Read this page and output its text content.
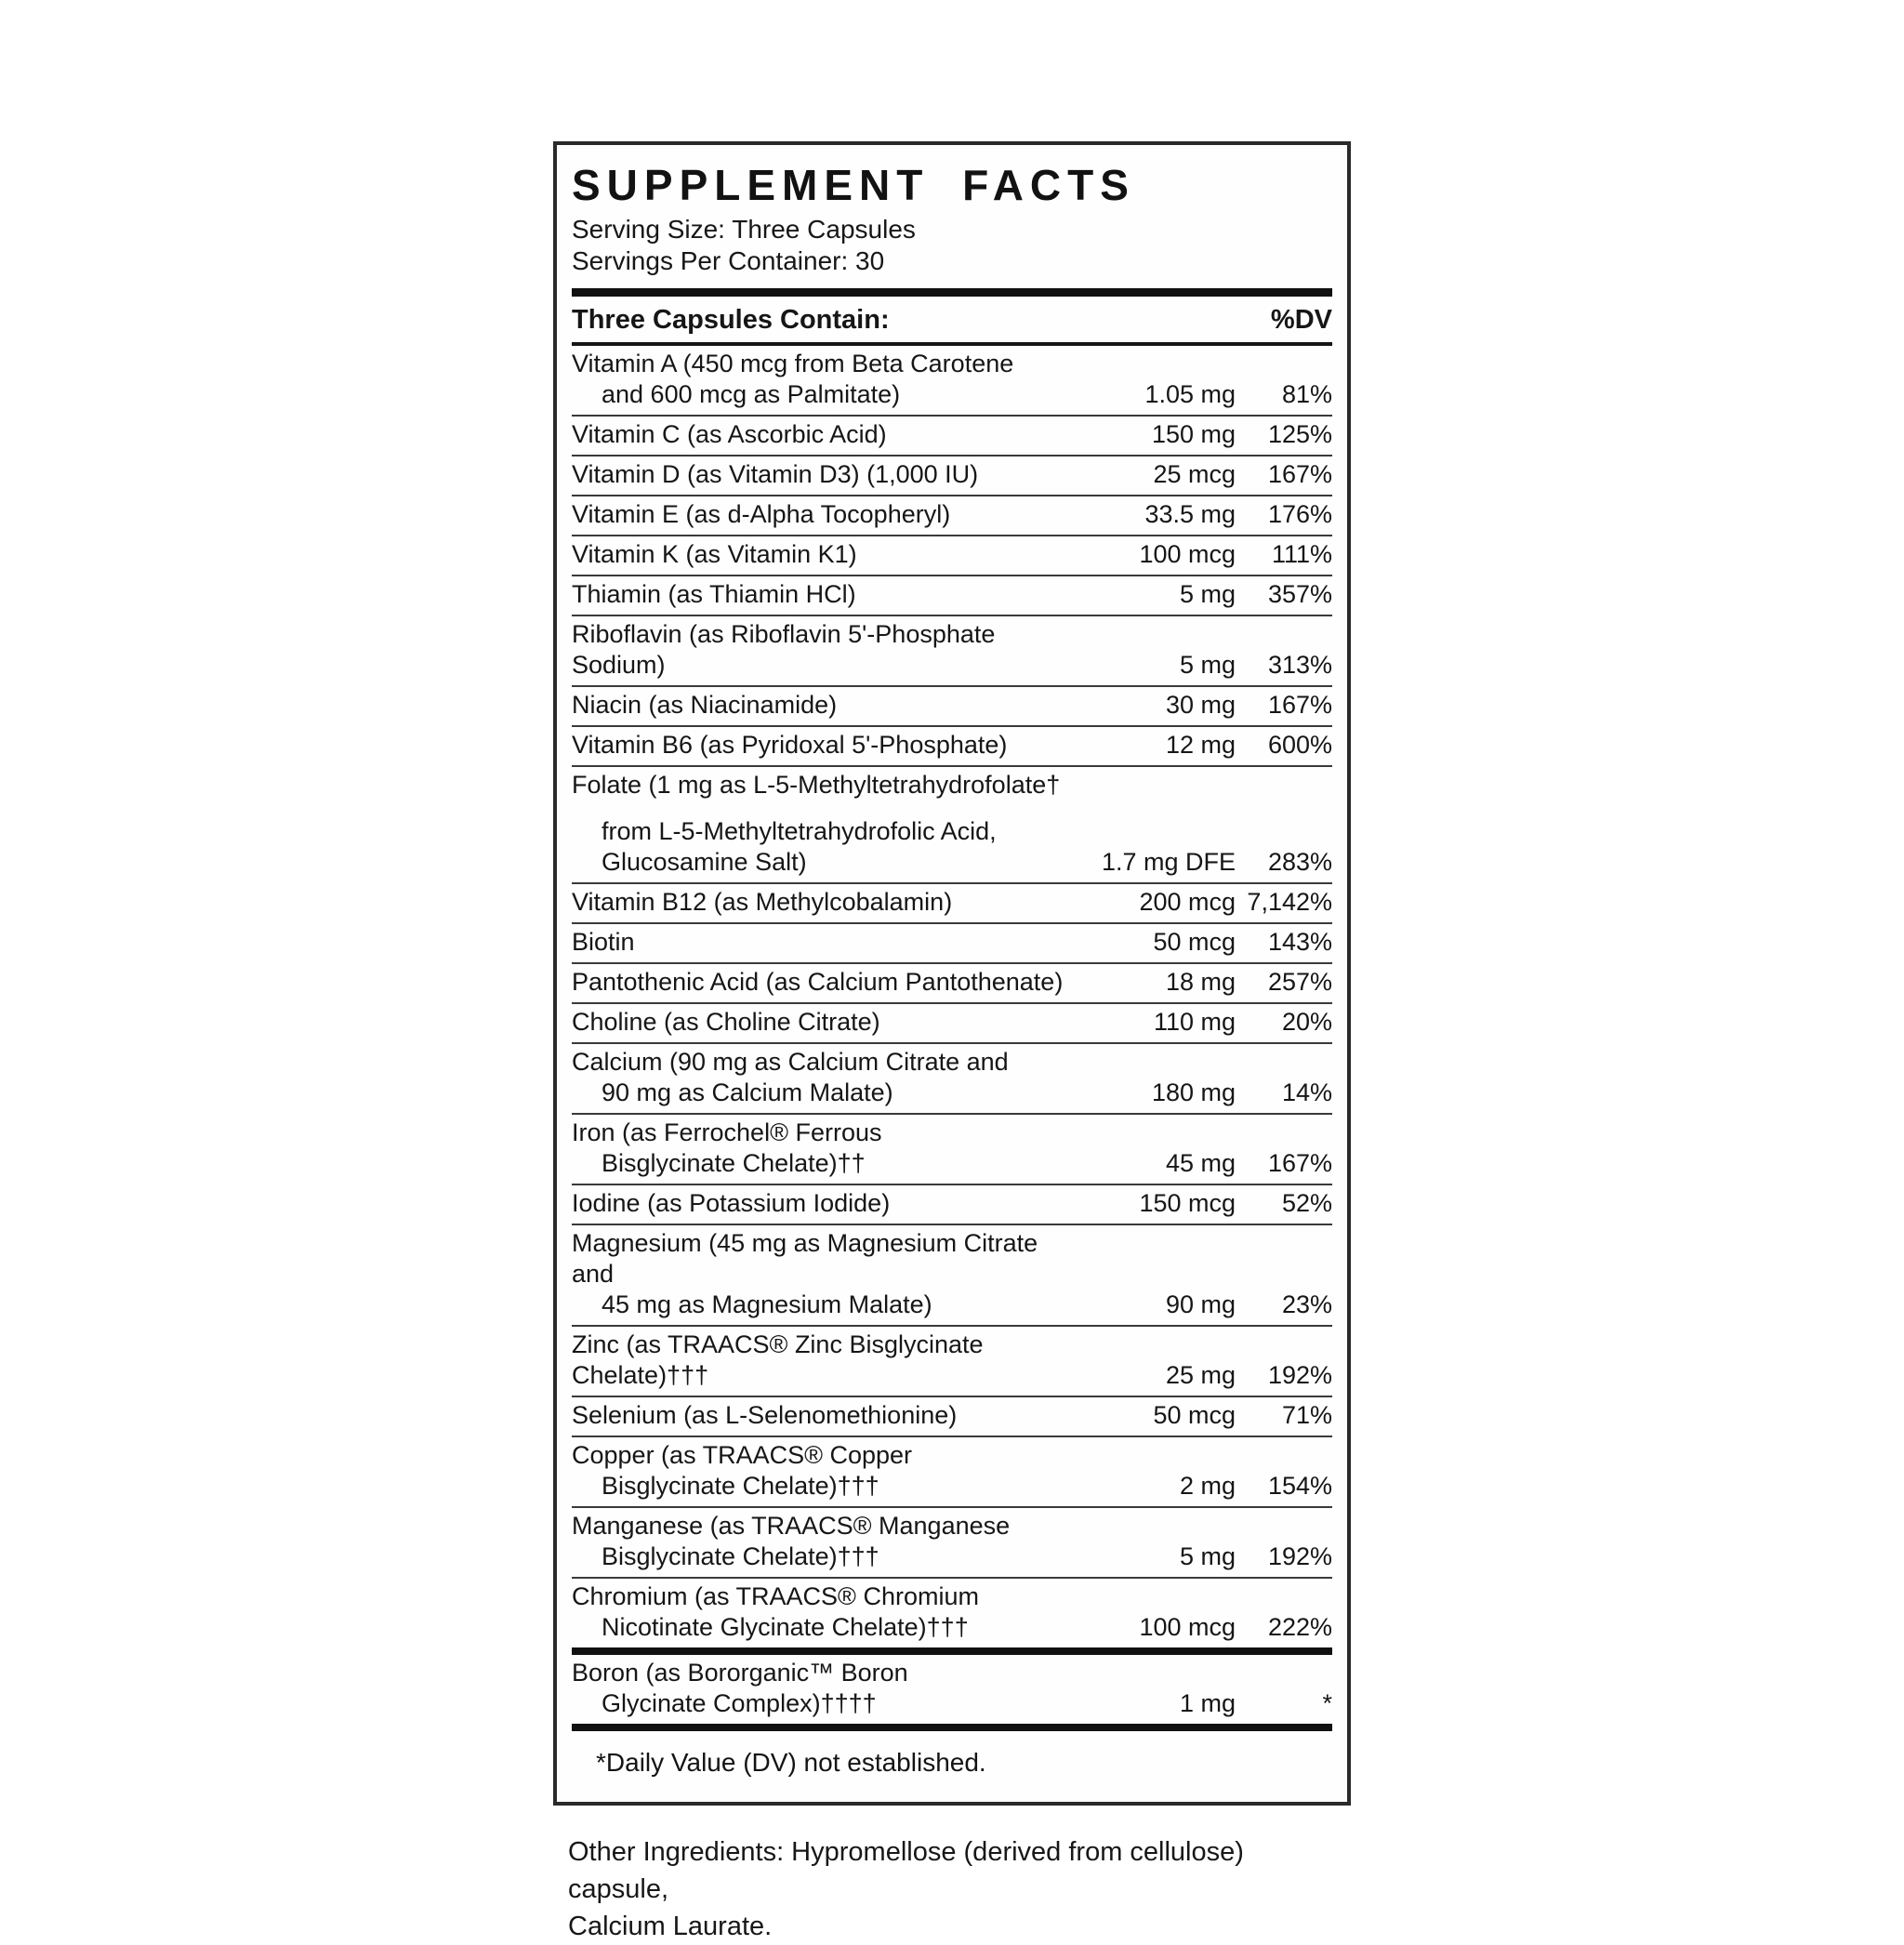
SUPPLEMENT FACTS
Serving Size: Three Capsules
Servings Per Container: 30
Three Capsules Contain:	%DV
Vitamin A (450 mcg from Beta Carotene
and 600 mcg as Palmitate)	1.05 mg	81%
Vitamin C (as Ascorbic Acid)	150 mg	125%
Vitamin D (as Vitamin D3) (1,000 IU)	25 mcg	167%
Vitamin E (as d-Alpha Tocopheryl)	33.5 mg	176%
Vitamin K (as Vitamin K1)	100 mcg	111%
Thiamin (as Thiamin HCl)	5 mg	357%
Riboflavin (as Riboflavin 5'-Phosphate Sodium)	5 mg	313%
Niacin (as Niacinamide)	30 mg	167%
Vitamin B6 (as Pyridoxal 5'-Phosphate)	12 mg	600%
Folate (1 mg as L-5-Methyltetrahydrofolate†
from L-5-Methyltetrahydrofolic Acid,
Glucosamine Salt)	1.7 mg DFE	283%
Vitamin B12 (as Methylcobalamin)	200 mcg 7,142%
Biotin	50 mcg	143%
Pantothenic Acid (as Calcium Pantothenate)	18 mg	257%
Choline (as Choline Citrate)	110 mg	20%
Calcium (90 mg as Calcium Citrate and
90 mg as Calcium Malate)	180 mg	14%
Iron (as Ferrochel® Ferrous
Bisglycinate Chelate)††	45 mg	167%
Iodine (as Potassium Iodide)	150 mcg	52%
Magnesium (45 mg as Magnesium Citrate and
45 mg as Magnesium Malate)	90 mg	23%
Zinc (as TRAACS® Zinc Bisglycinate Chelate)†††	25 mg	192%
Selenium (as L-Selenomethionine)	50 mcg	71%
Copper (as TRAACS® Copper
Bisglycinate Chelate)†††	2 mg	154%
Manganese (as TRAACS® Manganese
Bisglycinate Chelate)†††	5 mg	192%
Chromium (as TRAACS® Chromium
Nicotinate Glycinate Chelate)†††	100 mcg	222%
Boron (as Bororganic™ Boron
Glycinate Complex)††††	1 mg	*
*Daily Value (DV) not established.
Other Ingredients: Hypromellose (derived from cellulose) capsule,
Calcium Laurate.
